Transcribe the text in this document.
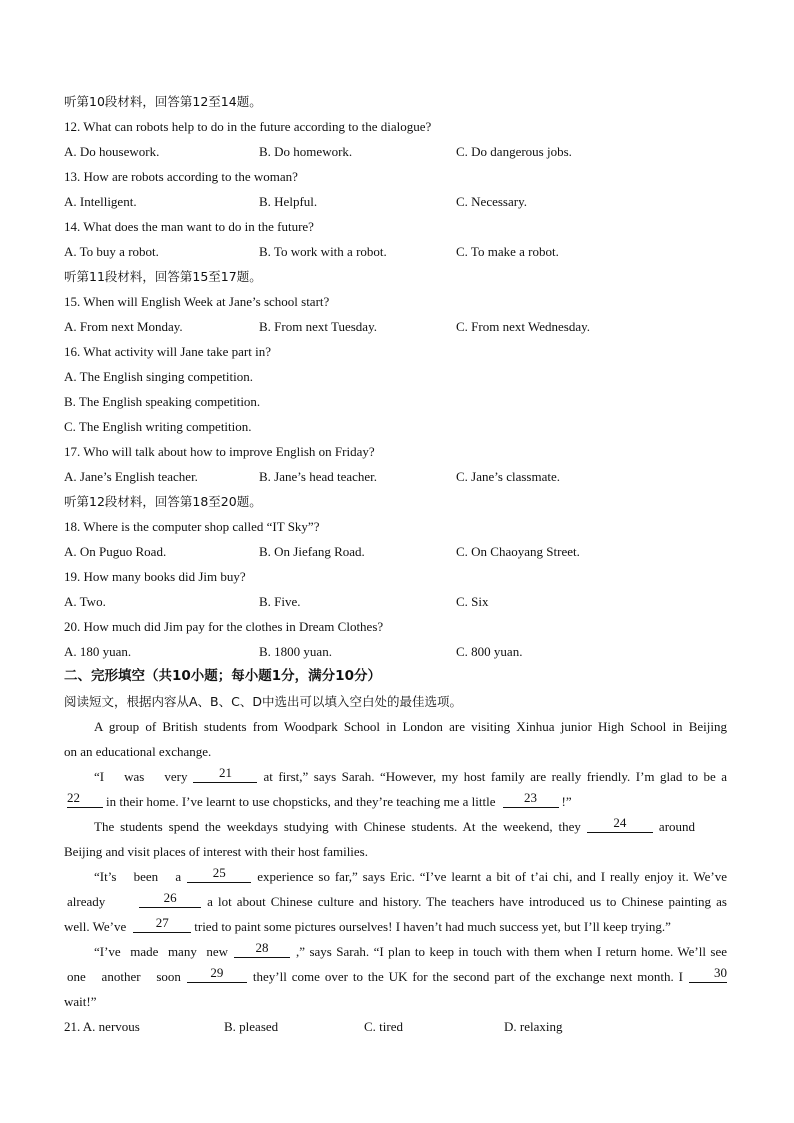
听第10段材料，回答第12至14题。
12. What can robots help to do in the future according to the dialogue?
A. Do housework.	B. Do homework.	C. Do dangerous jobs.
13. How are robots according to the woman?
A. Intelligent.	B. Helpful.	C. Necessary.
14. What does the man want to do in the future?
A. To buy a robot.	B. To work with a robot.	C. To make a robot.
听第11段材料，回答第15至17题。
15. When will English Week at Jane’s school start?
A. From next Monday.	B. From next Tuesday.	C. From next Wednesday.
16. What activity will Jane take part in?
A. The English singing competition.
B. The English speaking competition.
C. The English writing competition.
17. Who will talk about how to improve English on Friday?
A. Jane’s English teacher.	B. Jane’s head teacher.	C. Jane’s classmate.
听第12段材料，回答第18至20题。
18. Where is the computer shop called “IT Sky”?
A. On Puguo Road.	B. On Jiefang Road.	C. On Chaoyang Street.
19. How many books did Jim buy?
A. Two.	B. Five.	C. Six
20. How much did Jim pay for the clothes in Dream Clothes?
A. 180 yuan.	B. 1800 yuan.	C. 800 yuan.
二、完形填空（共10小题；每小题1分，满分10分）
阅读短文，根据内容从A、B、C、D中选出可以填入空白处的最佳选项。
A group of British students from Woodpark School in London are visiting Xinhua junior High School in Beijing
on an educational exchange.
“I was very	21	at first,” says Sarah. “However, my host family are really friendly. I’m glad to be a
22	in their home. I’ve learnt to use chopsticks, and they’re teaching me a little	23	!”
The students spend the weekdays studying with Chinese students. At the weekend, they	24	around
Beijing and visit places of interest with their host families.
“It’s been a	25	experience so far,” says Eric. “I’ve learnt a bit of t’ai chi, and I really enjoy it. We’ve
already	26	a lot about Chinese culture and history. The teachers have introduced us to Chinese painting as
well. We’ve	27	tried to paint some pictures ourselves! I haven’t had much success yet, but I’ll keep trying.”
“I’ve made many new	28	,” says Sarah. “I plan to keep in touch with them when I return home. We’ll see
one another soon	29	they’ll come over to the UK for the second part of the exchange next month. I	30
wait!”
21. A. nervous	B. pleased	C. tired	D. relaxing
